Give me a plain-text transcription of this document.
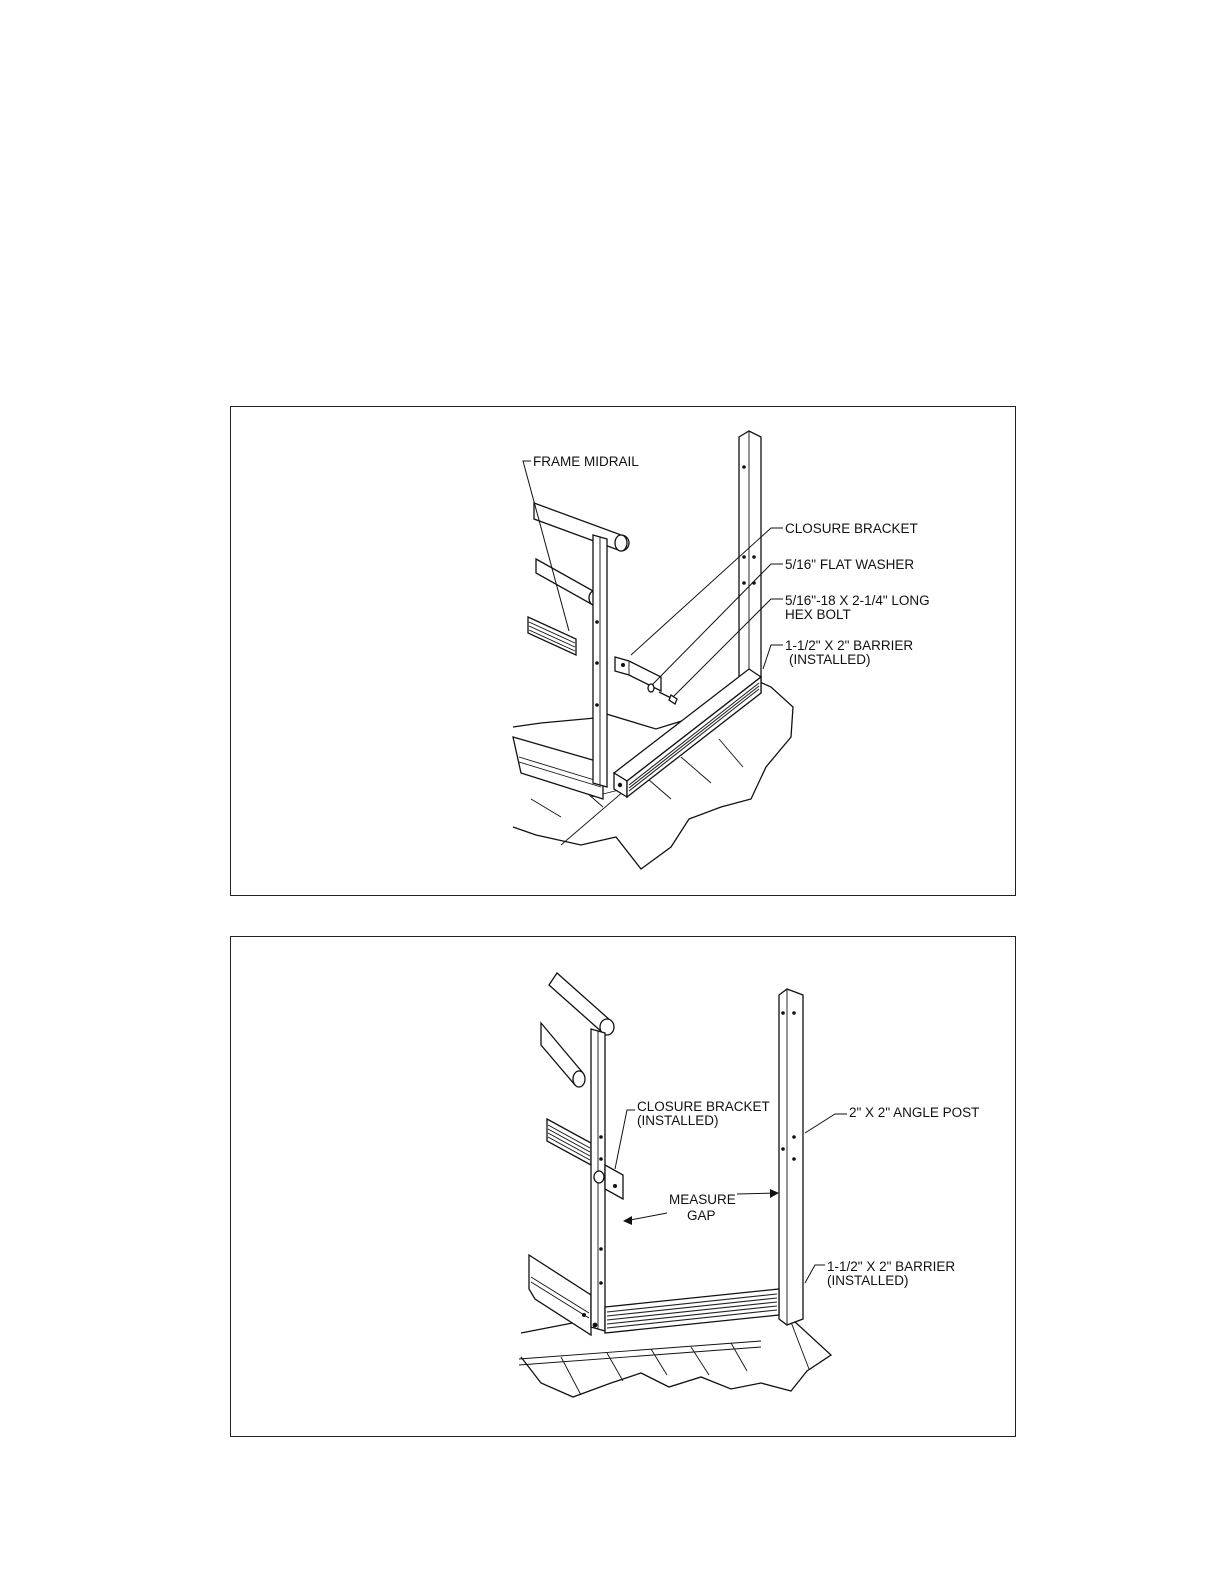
FRAME MIDRAIL
CLOSURE BRACKET
5/16" FLAT WASHER
5/16"-18 X 2-1/4" LONG
HEX BOLT
1-1/2" X 2" BARRIER
(INSTALLED)
CLOSURE BRACKET
(INSTALLED)
2" X 2" ANGLE POST
MEASURE
GAP
1-1/2" X 2" BARRIER
(INSTALLED)
